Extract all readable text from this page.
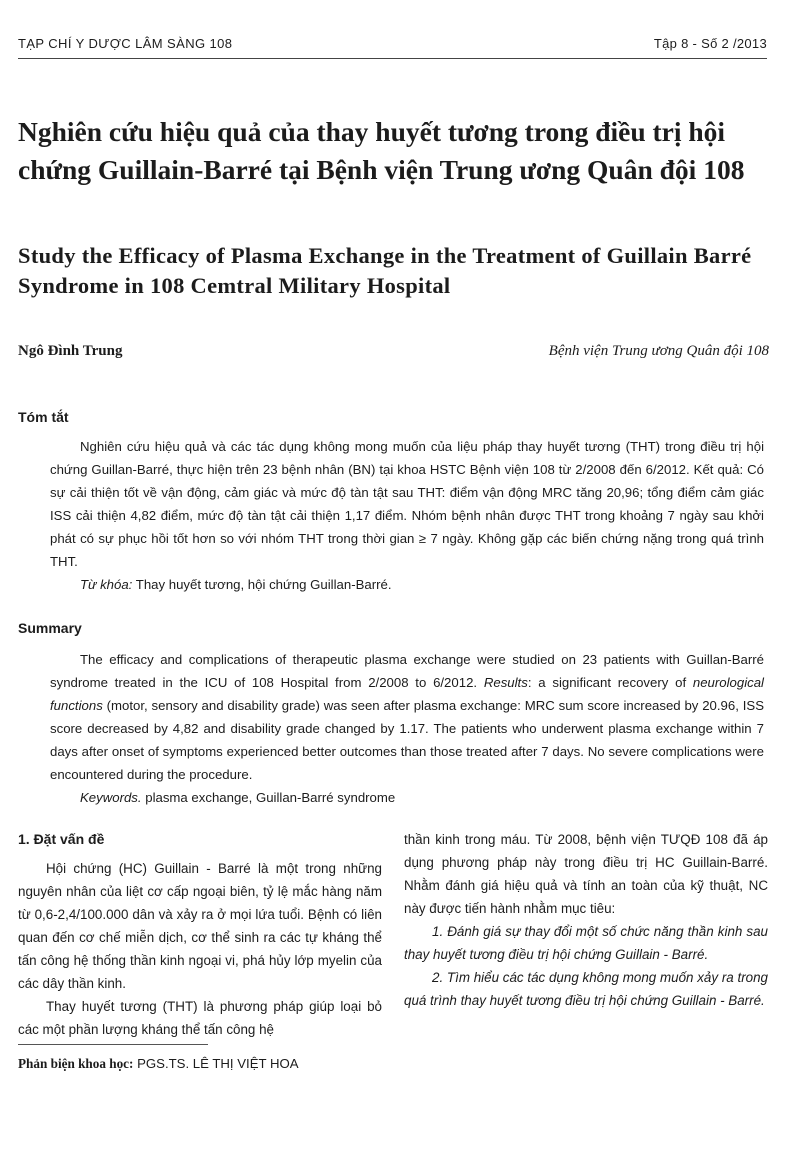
TẠP CHÍ Y DƯỢC LÂM SÀNG 108	Tập 8 - Số 2 /2013
Nghiên cứu hiệu quả của thay huyết tương trong điều trị hội chứng Guillain-Barré tại Bệnh viện Trung ương Quân đội 108
Study the Efficacy of Plasma Exchange in the Treatment of Guillain Barré Syndrome in 108 Cemtral Military Hospital
Ngô Đình Trung	Bệnh viện Trung ương Quân đội 108
Tóm tắt

Nghiên cứu hiệu quả và các tác dụng không mong muốn của liệu pháp thay huyết tương (THT) trong điều trị hội chứng Guillan-Barré, thực hiện trên 23 bệnh nhân (BN) tại khoa HSTC Bệnh viện 108 từ 2/2008 đến 6/2012. Kết quả: Có sự cải thiện tốt về vận động, cảm giác và mức độ tàn tật sau THT: điểm vận động MRC tăng 20,96; tổng điểm cảm giác ISS cải thiện 4,82 điểm, mức độ tàn tật cải thiện 1,17 điểm. Nhóm bệnh nhân được THT trong khoảng 7 ngày sau khởi phát có sự phục hồi tốt hơn so với nhóm THT trong thời gian ≥ 7 ngày. Không gặp các biến chứng nặng trong quá trình THT.

Từ khóa: Thay huyết tương, hội chứng Guillan-Barré.

Summary

The efficacy and complications of therapeutic plasma exchange were studied on 23 patients with Guillan-Barré syndrome treated in the ICU of 108 Hospital from 2/2008 to 6/2012. Results: a significant recovery of neurological functions (motor, sensory and disability grade) was seen after plasma exchange: MRC sum score increased by 20.96, ISS score decreased by 4,82 and disability grade changed by 1.17. The patients who underwent plasma exchange within 7 days after onset of symptoms experienced better outcomes than those treated after 7 days. No severe complications were encountered during the procedure.

Keywords. plasma exchange, Guillan-Barré syndrome

1. Đặt vấn đề

Hội chứng (HC) Guillain - Barré là một trong những nguyên nhân của liệt cơ cấp ngoại biên, tỷ lệ mắc hàng năm từ 0,6-2,4/100.000 dân và xảy ra ở mọi lứa tuổi. Bệnh có liên quan đến cơ chế miễn dịch, cơ thể sinh ra các tự kháng thể tấn công hệ thống thần kinh ngoại vi, phá hủy lớp myelin của các dây thần kinh.

Thay huyết tương (THT) là phương pháp giúp loại bỏ các một phần lượng kháng thể tấn công hệ

thần kinh trong máu. Từ 2008, bệnh viện TƯQĐ 108 đã áp dụng phương pháp này trong điều trị HC Guillain-Barré. Nhằm đánh giá hiệu quả và tính an toàn của kỹ thuật, NC này được tiến hành nhằm mục tiêu:

1. Đánh giá sự thay đổi một số chức năng thần kinh sau thay huyết tương điều trị hội chứng Guillain - Barré.

2. Tìm hiểu các tác dụng không mong muốn xảy ra trong quá trình thay huyết tương điều trị hội chứng Guillain - Barré.

Phản biện khoa học: PGS.TS. LÊ THỊ VIỆT HOA
